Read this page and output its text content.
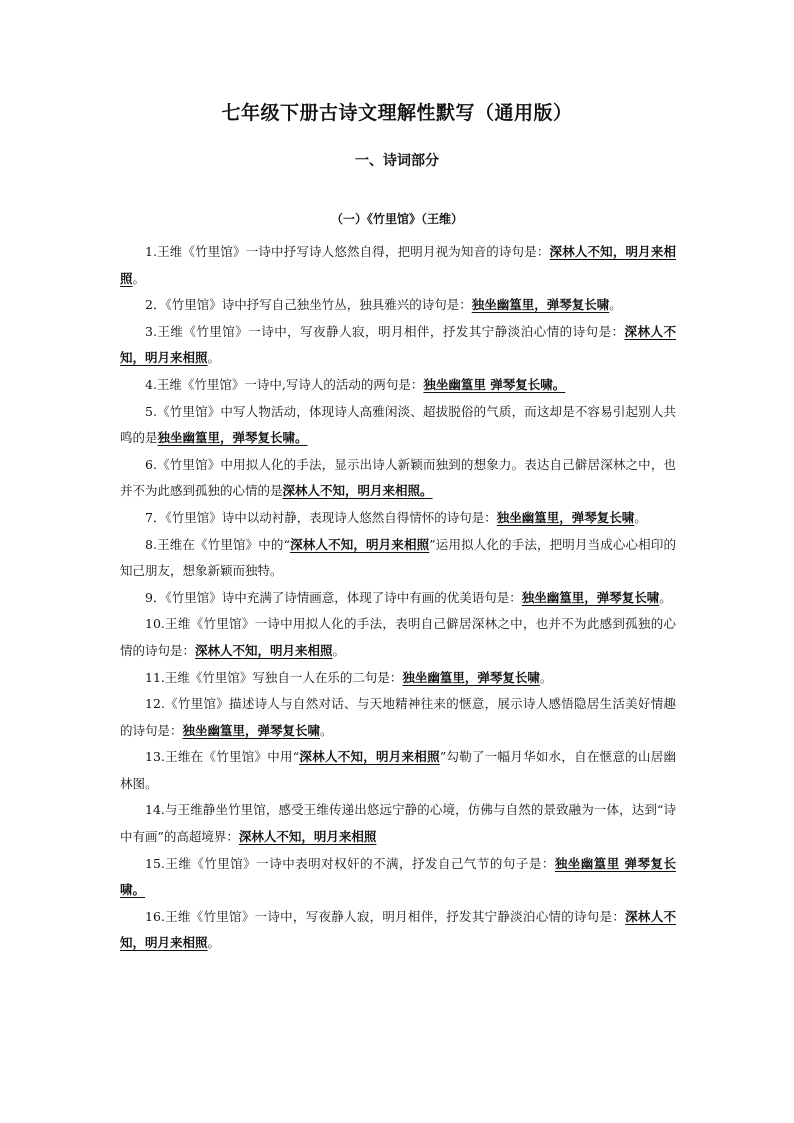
七年级下册古诗文理解性默写（通用版）
一、诗词部分
（一）《竹里馆》（王维）

1.王维《竹里馆》一诗中抒写诗人悠然自得，把明月视为知音的诗句是：深林人不知，明月来相照。

2．《竹里馆》诗中抒写自己独坐竹丛，独具雅兴的诗句是：独坐幽篁里，弹琴复长啸。

3.王维《竹里馆》一诗中，写夜静人寂，明月相伴，抒发其宁静淡泊心情的诗句是：深林人不知，明月来相照。

4.王维《竹里馆》一诗中,写诗人的活动的两句是：独坐幽篁里 弹琴复长啸。

5.《竹里馆》中写人物活动，体现诗人高雅闲淡、超拔脱俗的气质，而这却是不容易引起别人共鸣的是独坐幽篁里，弹琴复长啸。

6.《竹里馆》中用拟人化的手法，显示出诗人新颖而独到的想象力。表达自己僻居深林之中，也并不为此感到孤独的心情的是深林人不知，明月来相照。

7．《竹里馆》诗中以动衬静，表现诗人悠然自得情怀的诗句是：独坐幽篁里，弹琴复长啸。

8.王维在《竹里馆》中的“深林人不知，明月来相照”运用拟人化的手法，把明月当成心心相印的知己朋友，想象新颖而独特。

9．《竹里馆》诗中充满了诗情画意，体现了诗中有画的优美语句是：独坐幽篁里，弹琴复长啸。

10.王维《竹里馆》一诗中用拟人化的手法，表明自己僻居深林之中，也并不为此感到孤独的心情的诗句是：深林人不知，明月来相照。

11.王维《竹里馆》写独自一人在乐的二句是：独坐幽篁里，弹琴复长啸。

12.《竹里馆》描述诗人与自然对话、与天地精神往来的惬意，展示诗人感悟隐居生活美好情趣的诗句是：独坐幽篁里，弹琴复长啸。

13.王维在《竹里馆》中用“深林人不知，明月来相照”勾勒了一幅月华如水，自在惬意的山居幽林图。

14.与王维静坐竹里馆，感受王维传递出悠远宁静的心境，仿佛与自然的景致融为一体，达到“诗中有画”的高超境界：深林人不知，明月来相照

15.王维《竹里馆》一诗中表明对权奸的不满，抒发自己气节的句子是：独坐幽篁里 弹琴复长啸。

16.王维《竹里馆》一诗中，写夜静人寂，明月相伴，抒发其宁静淡泊心情的诗句是：深林人不知，明月来相照。
